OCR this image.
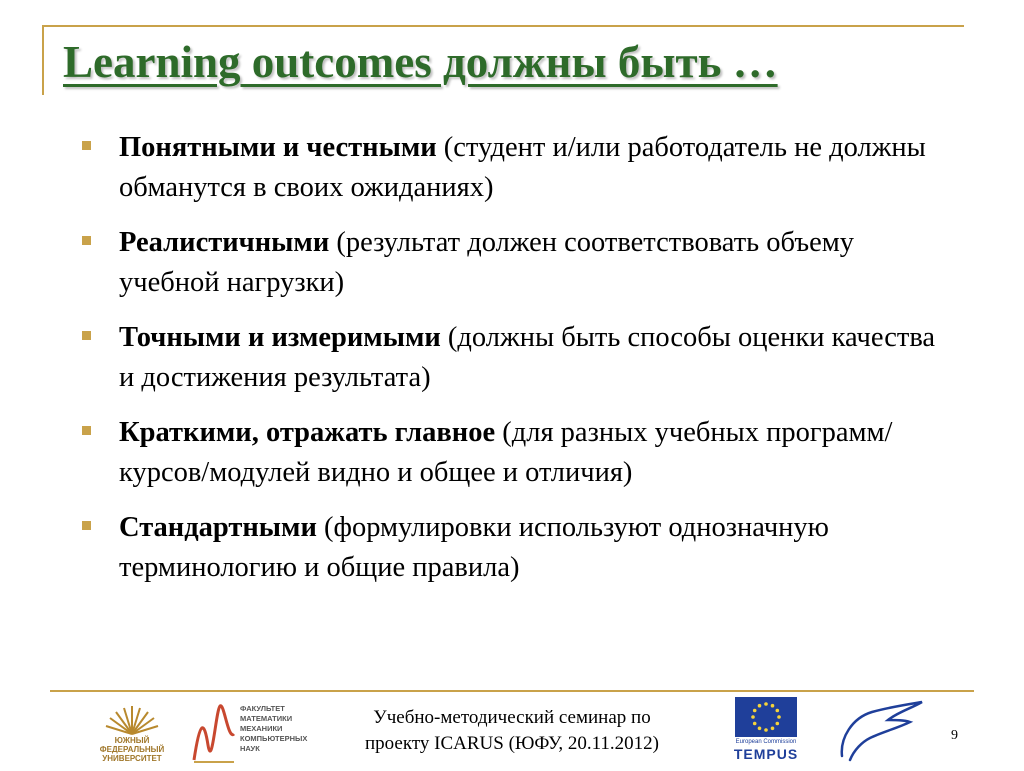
Learning outcomes должны быть …
Понятными и честными (студент и/или работодатель не должны обманутся в своих ожиданиях)
Реалистичными (результат должен соответствовать объему учебной нагрузки)
Точными и измеримыми (должны быть способы оценки качества и достижения результата)
Краткими, отражать главное (для разных учебных программ/курсов/модулей видно и общее и отличия)
Стандартными (формулировки используют однозначную терминологию и общие правила)
ЮЖНЫЙ
ФЕДЕРАЛЬНЫЙ
УНИВЕРСИТЕТ
ФАКУЛЬТЕТ
МАТЕМАТИКИ
МЕХАНИКИ
КОМПЬЮТЕРНЫХ
НАУК
Учебно-методический семинар по
проекту ICARUS (ЮФУ, 20.11.2012)	European Commission
TEMPUS
9
